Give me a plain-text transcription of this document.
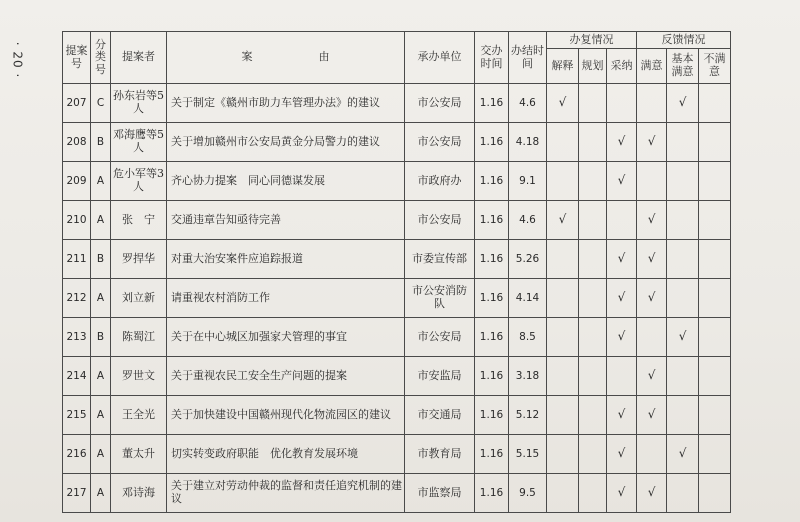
· 20 ·	提案号	分类号	提案者	案　　　　　　由	承办单位	交办时间	办结时间	办复情况			反馈情况		
							解释	规划	采纳	满意	基本满意	不满意
207	C	孙东岩等5人	关于制定《赣州市助力车管理办法》的建议	市公安局	1.16	4.6	√				√	
208	B	邓海鹰等5人	关于增加赣州市公安局黄金分局警力的建议	市公安局	1.16	4.18			√	√		
209	A	危小军等3人	齐心协力提案　同心同德谋发展	市政府办	1.16	9.1			√			
210	A	张　宁	交通违章告知亟待完善	市公安局	1.16	4.6	√			√		
211	B	罗捍华	对重大治安案件应追踪报道	市委宣传部	1.16	5.26			√	√		
212	A	刘立新	请重视农村消防工作	市公安消防队	1.16	4.14			√	√		
213	B	陈蜀江	关于在中心城区加强家犬管理的事宜	市公安局	1.16	8.5			√		√	
214	A	罗世文	关于重视农民工安全生产问题的提案	市安监局	1.16	3.18				√		
215	A	王全光	关于加快建设中国赣州现代化物流园区的建议	市交通局	1.16	5.12			√	√		
216	A	董太升	切实转变政府职能　优化教育发展环境	市教育局	1.16	5.15			√		√	
217	A	邓诗海	关于建立对劳动仲裁的监督和责任追究机制的建议	市监察局	1.16	9.5			√	√		
